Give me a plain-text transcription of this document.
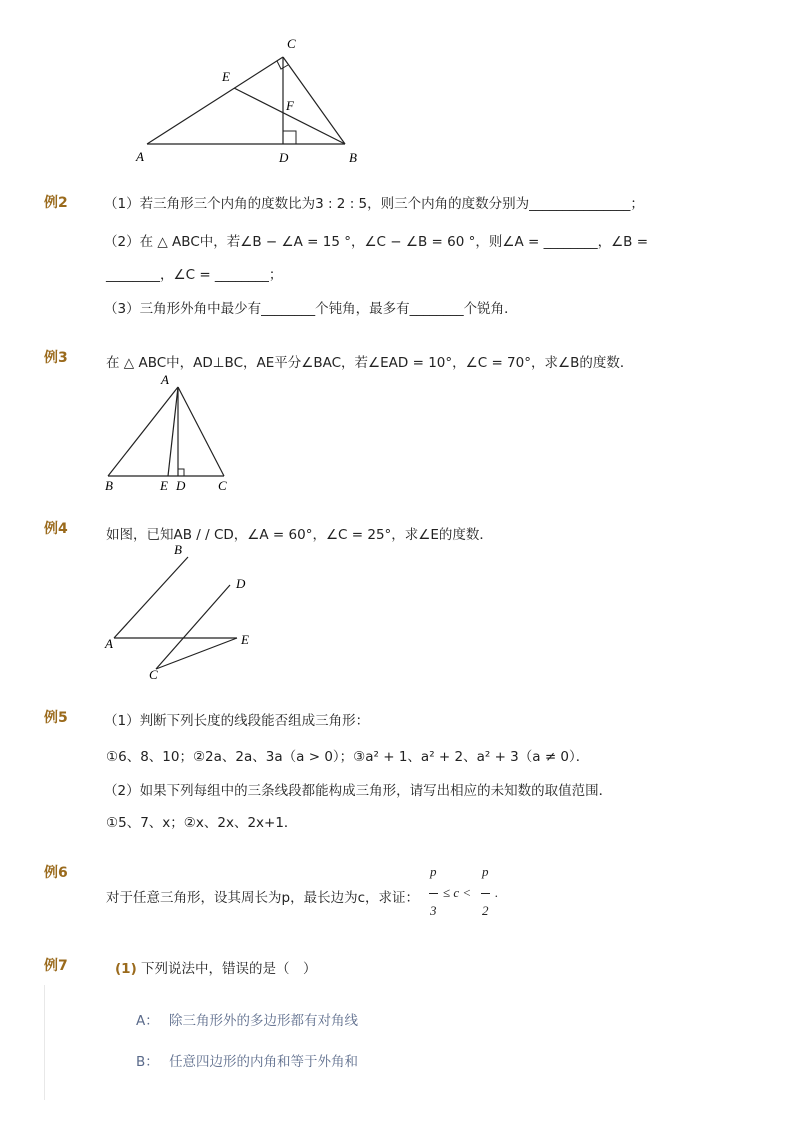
A	D	B
C
E
F
例2	（1）若三角形三个内角的度数比为3 : 2 : 5，则三个内角的度数分别为_______________；
（2）在 △ ABC中，若∠B − ∠A = 15 °，∠C − ∠B = 60 °，则∠A = ________，∠B =
________，∠C = ________；
（3）三角形外角中最少有________个钝角，最多有________个锐角．
例3	在 △ ABC中，AD⊥BC，AE平分∠BAC，若∠EAD = 10°，∠C = 70°，求∠B的度数．
A
B	E D	C
例4	如图，已知AB / / CD，∠A = 60°，∠C = 25°，求∠E的度数．
B
D
A	E
C
例5	（1）判断下列长度的线段能否组成三角形：
①6、8、10；②2a、2a、3a（a > 0）；③a² + 1、a² + 2、a² + 3（a ≠ 0）．
（2）如果下列每组中的三条线段都能构成三角形，请写出相应的未知数的取值范围．
①5、7、x；②x、2x、2x+1．
例6
对于任意三角形，设其周长为p，最长边为c，求证：
p
3
≤ c <
p
2
.
例7	(1) 下列说法中，错误的是（　）
A： 除三角形外的多边形都有对角线
B： 任意四边形的内角和等于外角和
